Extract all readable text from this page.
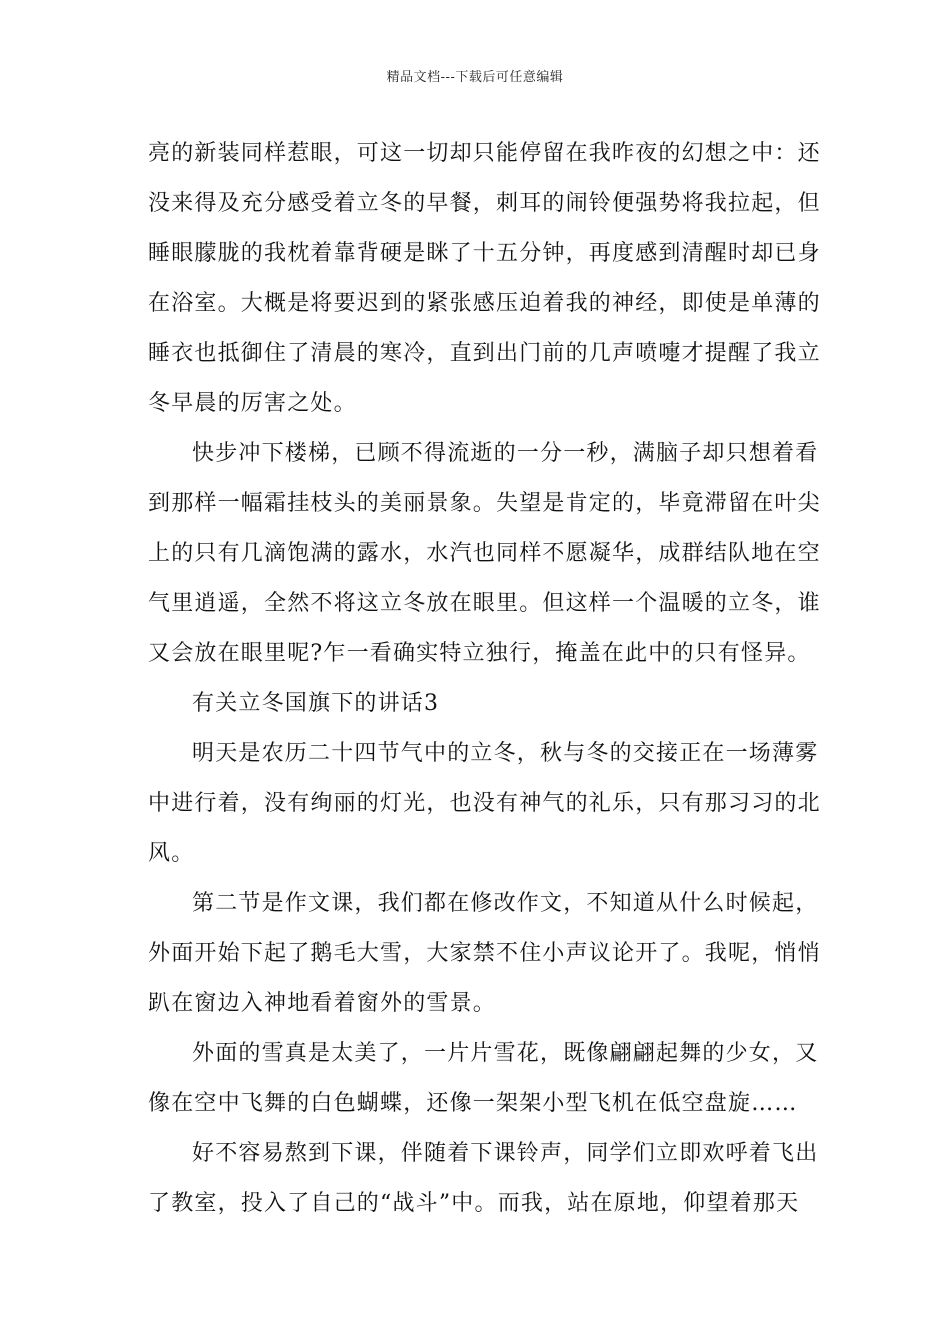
精品文档---下载后可任意编辑
亮的新装同样惹眼，可这一切却只能停留在我昨夜的幻想之中：还
没来得及充分感受着立冬的早餐，刺耳的闹铃便强势将我拉起，但
睡眼朦胧的我枕着靠背硬是眯了十五分钟，再度感到清醒时却已身
在浴室。大概是将要迟到的紧张感压迫着我的神经，即使是单薄的
睡衣也抵御住了清晨的寒冷，直到出门前的几声喷嚏才提醒了我立
冬早晨的厉害之处。
快步冲下楼梯，已顾不得流逝的一分一秒，满脑子却只想着看
到那样一幅霜挂枝头的美丽景象。失望是肯定的，毕竟滞留在叶尖
上的只有几滴饱满的露水，水汽也同样不愿凝华，成群结队地在空
气里逍遥，全然不将这立冬放在眼里。但这样一个温暖的立冬，谁
又会放在眼里呢?乍一看确实特立独行，掩盖在此中的只有怪异。
有关立冬国旗下的讲话3
明天是农历二十四节气中的立冬，秋与冬的交接正在一场薄雾
中进行着，没有绚丽的灯光，也没有神气的礼乐，只有那习习的北
风。
第二节是作文课，我们都在修改作文，不知道从什么时候起，
外面开始下起了鹅毛大雪，大家禁不住小声议论开了。我呢，悄悄
趴在窗边入神地看着窗外的雪景。
外面的雪真是太美了，一片片雪花，既像翩翩起舞的少女，又
像在空中飞舞的白色蝴蝶，还像一架架小型飞机在低空盘旋……
好不容易熬到下课，伴随着下课铃声，同学们立即欢呼着飞出
了教室，投入了自己的“战斗”中。而我，站在原地，仰望着那天
